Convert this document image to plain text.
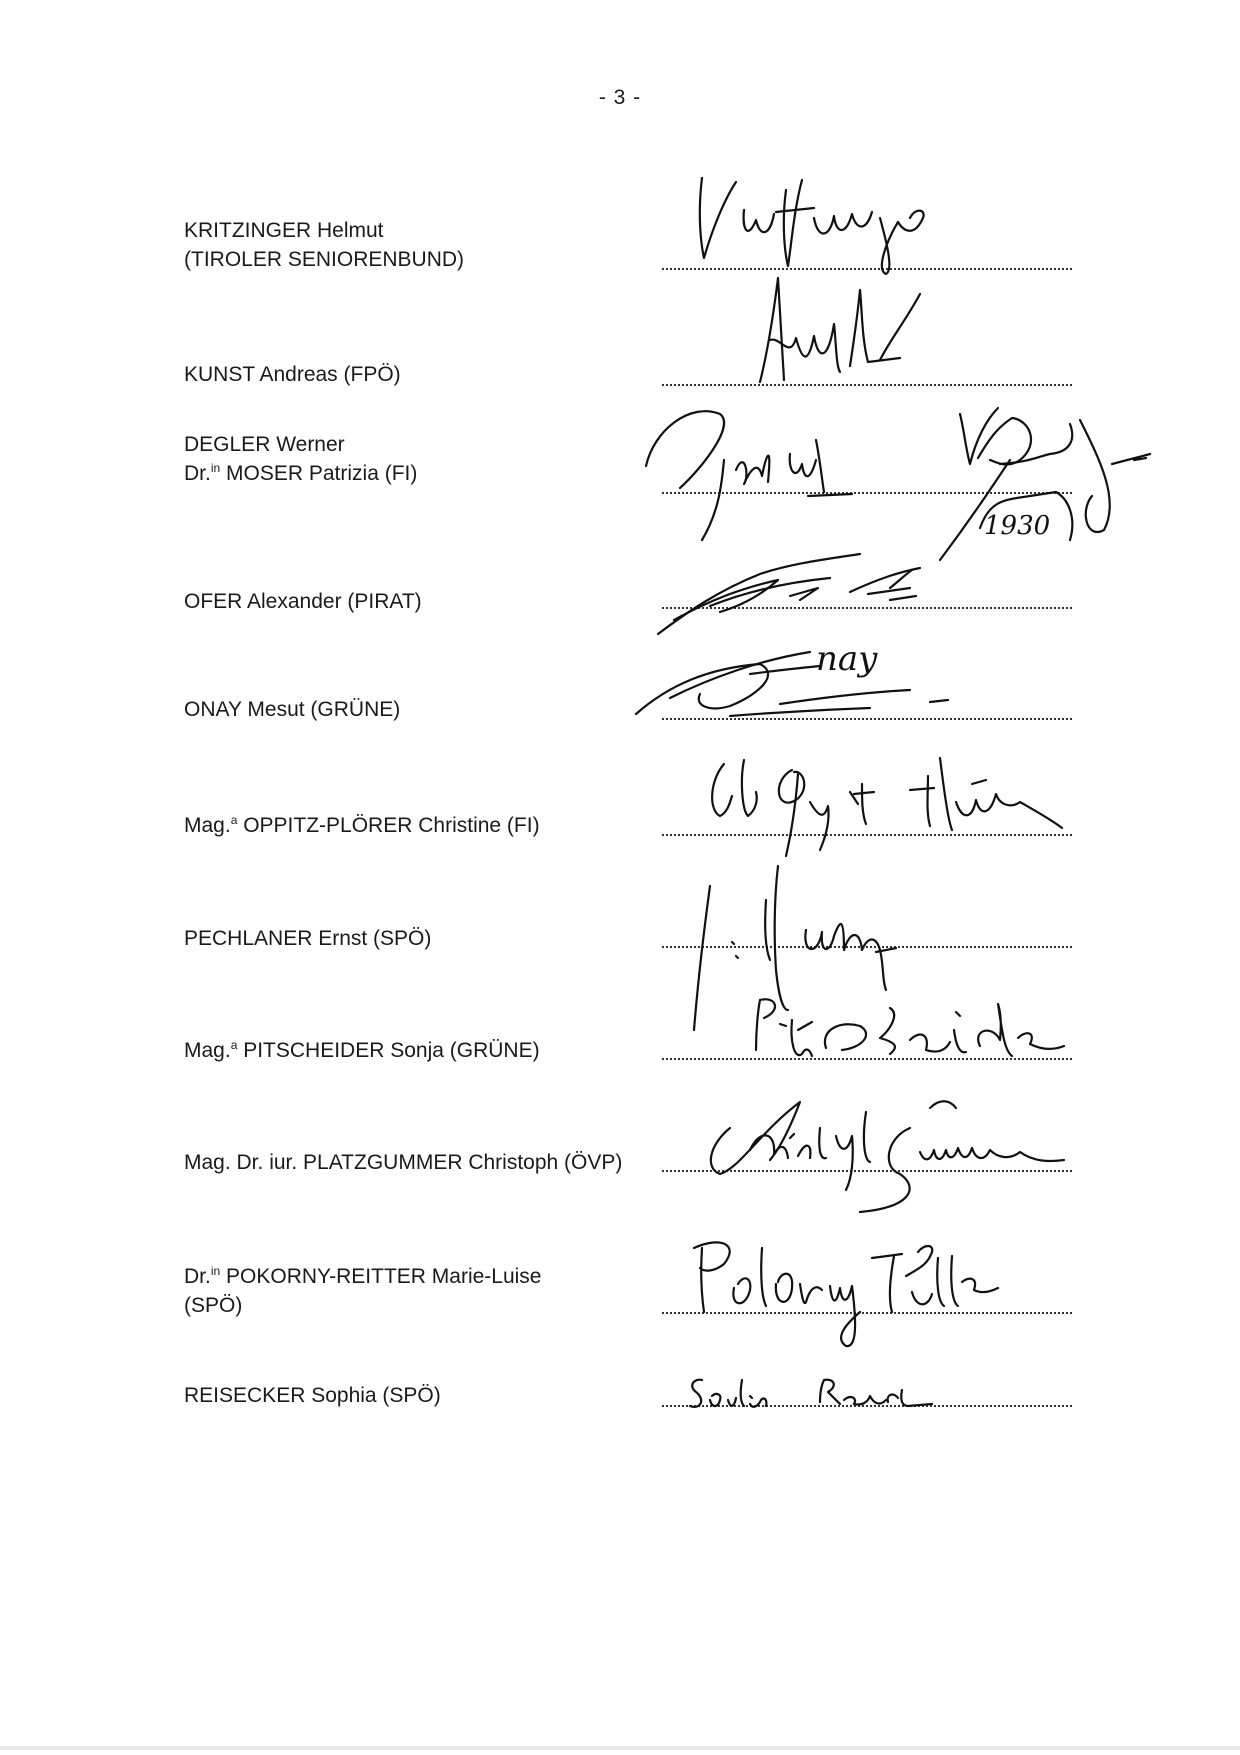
- 3 -
KRITZINGER Helmut
(TIROLER SENIORENBUND)
KUNST Andreas (FPÖ)
DEGLER Werner
Dr.$^{in}$ MOSER Patrizia (FI)
1930
OFER Alexander (PIRAT)
ONAY Mesut (GRÜNE)
nay
Mag.$^a$ OPPITZ-PLÖRER Christine (FI)
PECHLANER Ernst (SPÖ)
Mag.$^a$ PITSCHEIDER Sonja (GRÜNE)
Mag. Dr. iur. PLATZGUMMER Christoph (ÖVP)
Dr.$^{in}$ POKORNY-REITTER Marie-Luise
(SPÖ)
REISECKER Sophia (SPÖ)
